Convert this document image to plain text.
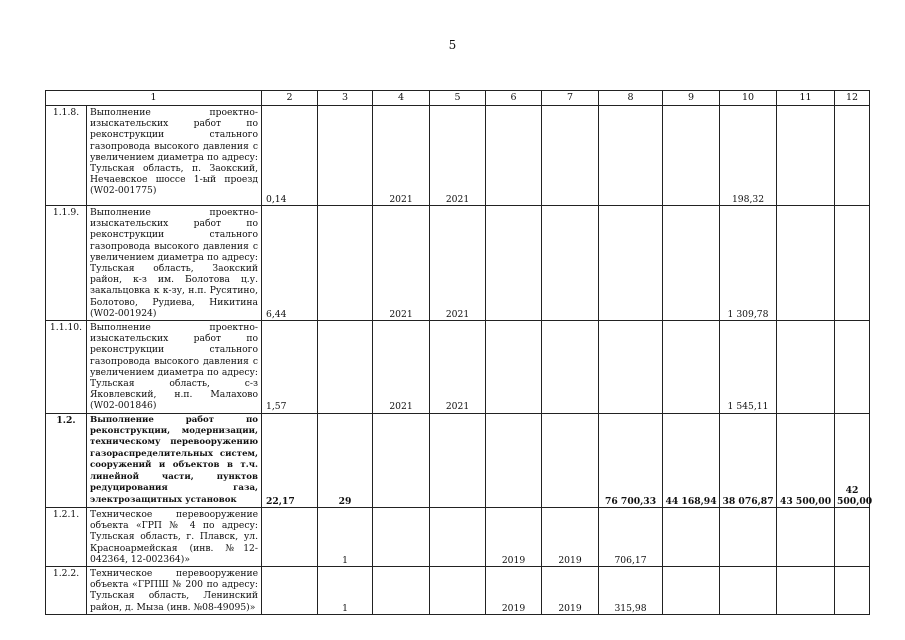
5
1		2	3	4	5	6	7	8	9	10	11	12
1.1.8.	Выполнение проектно-изыскательских работ по реконструкции стального газопровода высокого давления с увеличением диаметра по адресу: Тульская область, п. Заокский, Нечаевское шоссе 1-ый проезд (W02-001775)	0,14		2021	2021					198,32		
1.1.9.	Выполнение проектно-изыскательских работ по реконструкции стального газопровода высокого давления с увеличением диаметра по адресу: Тульская область, Заокский район, к-з им. Болотова ц.у. закальцовка к к-зу, н.п. Русятино, Болотово, Рудиева, Никитина (W02-001924)	6,44		2021	2021					1 309,78		
1.1.10.	Выполнение проектно-изыскательских работ по реконструкции стального газопровода высокого давления с увеличением диаметра по адресу: Тульская область, с-з Яковлевский, н.п. Малахово (W02-001846)	1,57		2021	2021					1 545,11		
1.2.	Выполнение работ по реконструкции, модернизации, техническому перевооружению газораспределительных систем, сооружений и объектов в т.ч. линейной части, пунктов редуцирования газа, электрозащитных установок	22,17	29					76 700,33	44 168,94	38 076,87	43 500,00	42 500,00
1.2.1.	Техническое перевооружение объекта «ГРП № 4 по адресу: Тульская область, г. Плавск, ул. Красноармейская (инв. №12-042364, 12-002364)»		1			2019	2019	706,17				
1.2.2.	Техническое перевооружение объекта «ГРПШ № 200 по адресу: Тульская область, Ленинский район, д. Мыза (инв. №08-49095)»		1			2019	2019	315,98				
